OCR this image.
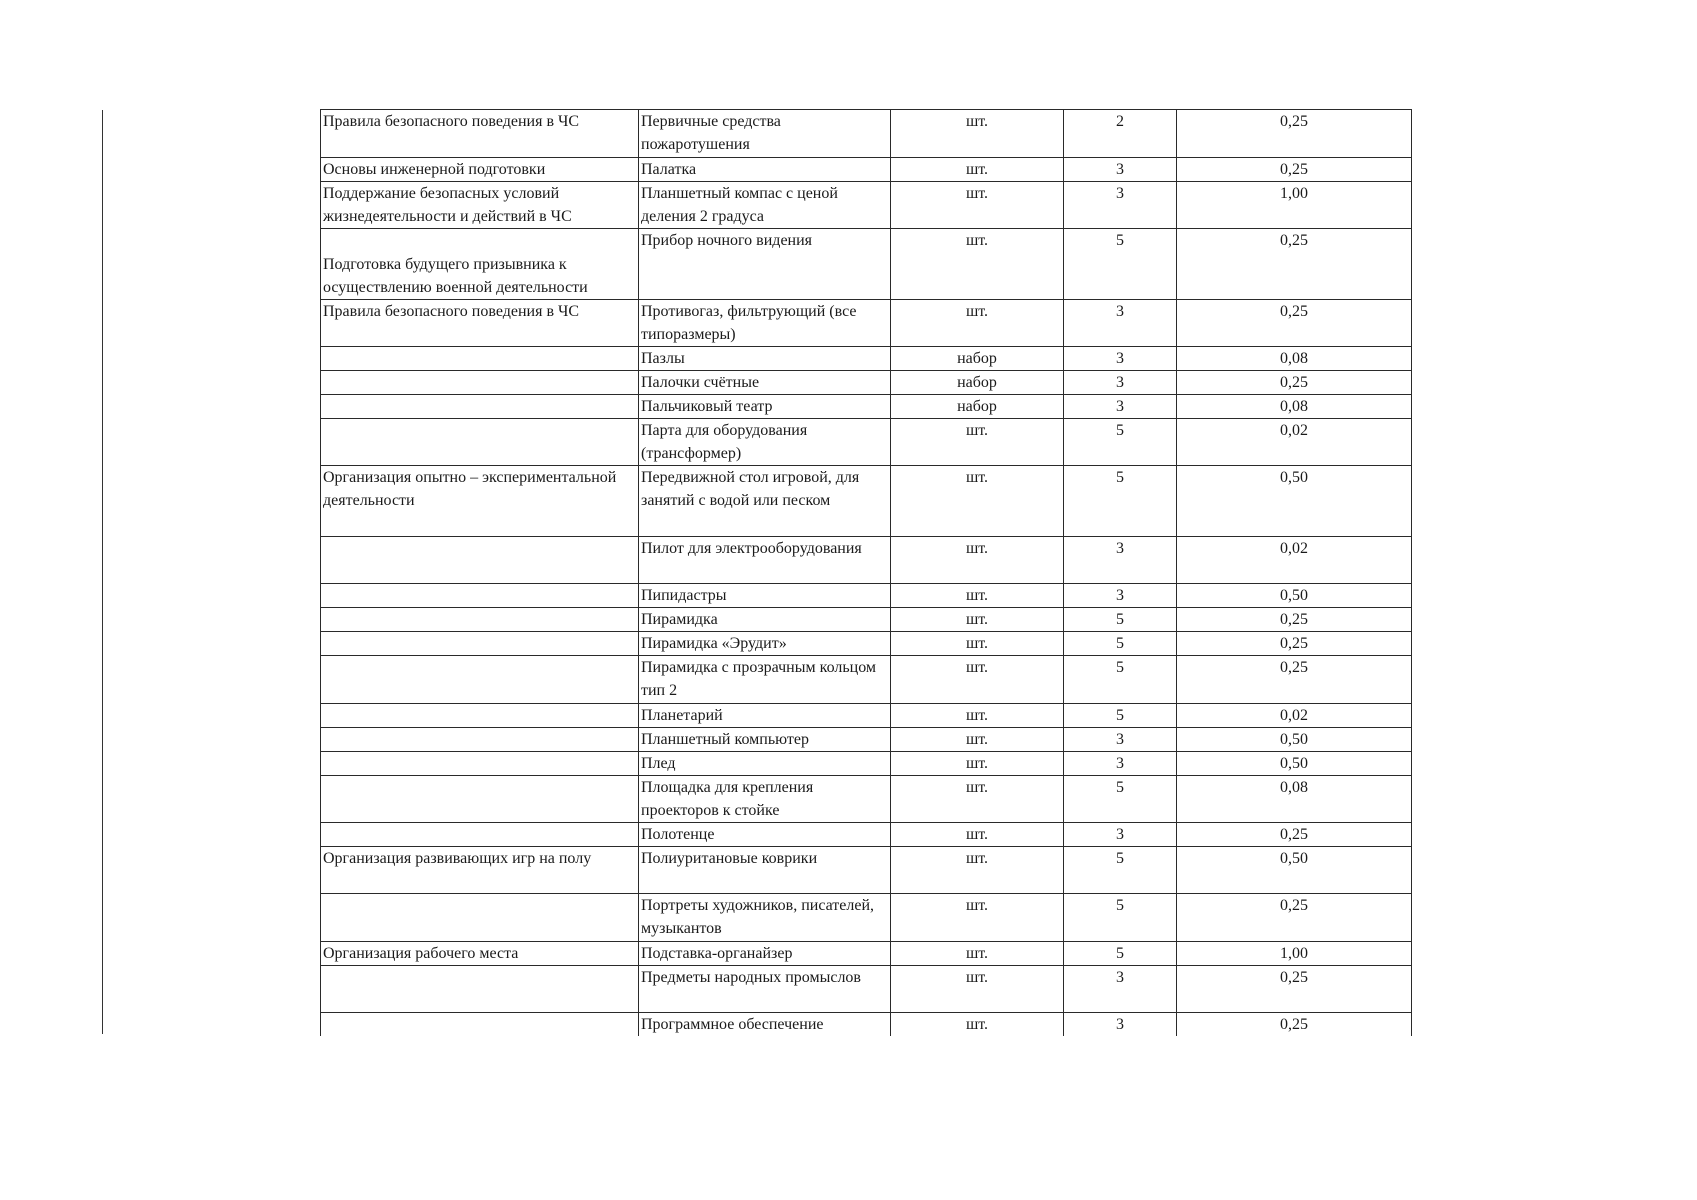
Правила безопасного поведения в ЧС	Первичные средства пожаротушения	шт.	2	0,25
Основы инженерной подготовки	Палатка	шт.	3	0,25
Поддержание безопасных условий жизнедеятельности и действий в ЧС	Планшетный компас с ценой деления 2 градуса	шт.	3	1,00
Подготовка будущего призывника к осуществлению военной деятельности	Прибор ночного видения	шт.	5	0,25
Правила безопасного поведения в ЧС	Противогаз, фильтрующий (все типоразмеры)	шт.	3	0,25
	Пазлы	набор	3	0,08
	Палочки счётные	набор	3	0,25
	Пальчиковый театр	набор	3	0,08
	Парта для оборудования (трансформер)	шт.	5	0,02
Организация опытно – экспериментальной деятельности	Передвижной стол игровой, для занятий с водой или песком	шт.	5	0,50
	Пилот для электрооборудования	шт.	3	0,02
	Пипидастры	шт.	3	0,50
	Пирамидка	шт.	5	0,25
	Пирамидка «Эрудит»	шт.	5	0,25
	Пирамидка с прозрачным кольцом тип 2	шт.	5	0,25
	Планетарий	шт.	5	0,02
	Планшетный компьютер	шт.	3	0,50
	Плед	шт.	3	0,50
	Площадка для крепления проекторов к стойке	шт.	5	0,08
	Полотенце	шт.	3	0,25
Организация развивающих игр на полу	Полиуритановые коврики	шт.	5	0,50
	Портреты художников, писателей, музыкантов	шт.	5	0,25
Организация рабочего места	Подставка-органайзер	шт.	5	1,00
	Предметы народных промыслов	шт.	3	0,25
	Программное обеспечение	шт.	3	0,25
